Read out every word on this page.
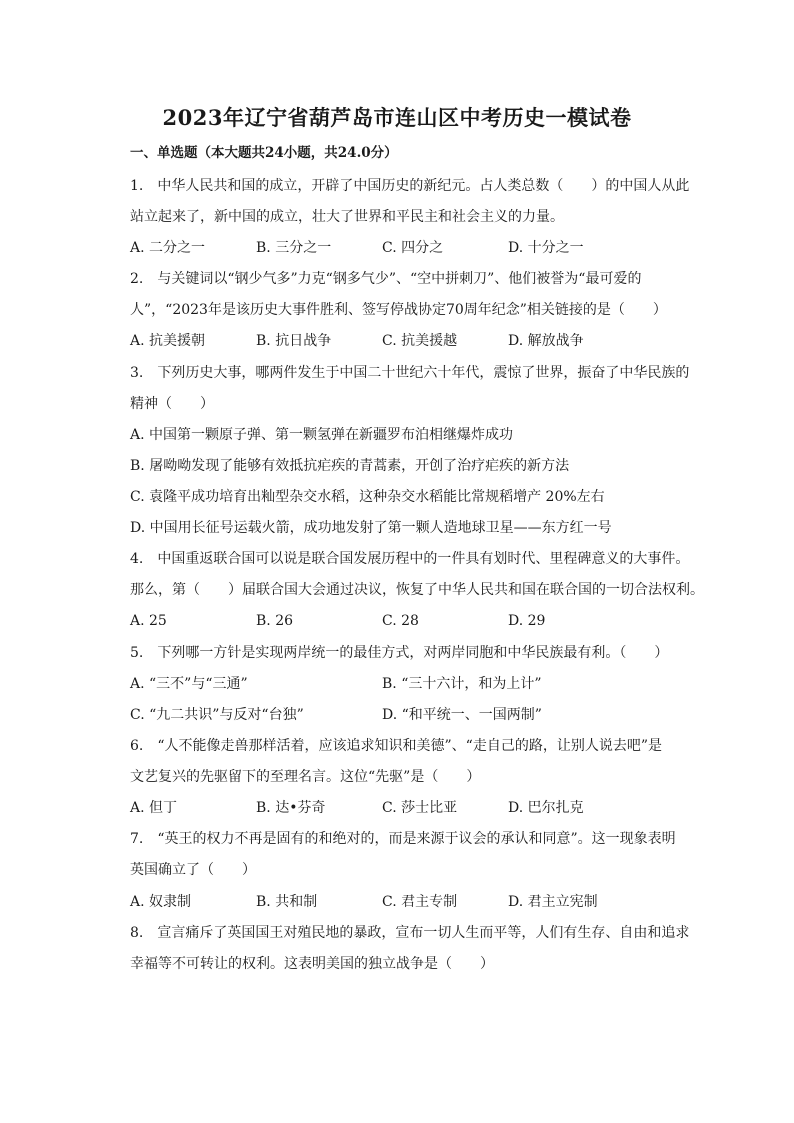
2023年辽宁省葫芦岛市连山区中考历史一模试卷
一、单选题（本大题共24小题，共24.0分）
1.　中华人民共和国的成立，开辟了中国历史的新纪元。占人类总数（　　）的中国人从此
站立起来了，新中国的成立，壮大了世界和平民主和社会主义的力量。
A. 二分之一	B. 三分之一	C. 四分之	D. 十分之一
2.　与关键词以“钢少气多”力克“钢多气少”、“空中拼刺刀”、他们被誉为“最可爱的
人”，“2023年是该历史大事件胜利、签写停战协定70周年纪念”相关链接的是（　　）
A. 抗美援朝	B. 抗日战争	C. 抗美援越	D. 解放战争
3.　下列历史大事，哪两件发生于中国二十世纪六十年代，震惊了世界，振奋了中华民族的
精神（　　）
A. 中国第一颗原子弹、第一颗氢弹在新疆罗布泊相继爆炸成功
B. 屠呦呦发现了能够有效抵抗疟疾的青蒿素，开创了治疗疟疾的新方法
C. 袁隆平成功培育出籼型杂交水稻，这种杂交水稻能比常规稻增产 20%左右
D. 中国用长征号运载火箭，成功地发射了第一颗人造地球卫星——东方红一号
4.　中国重返联合国可以说是联合国发展历程中的一件具有划时代、里程碑意义的大事件。
那么，第（　　）届联合国大会通过决议，恢复了中华人民共和国在联合国的一切合法权利。
A. 25	B. 26	C. 28	D. 29
5.　下列哪一方针是实现两岸统一的最佳方式，对两岸同胞和中华民族最有利。（　　）
A. “三不”与“三通”	B. “三十六计，和为上计”
C. “九二共识”与反对“台独”	D. “和平统一、一国两制”
6.　“人不能像走兽那样活着，应该追求知识和美德”、“走自己的路，让别人说去吧”是
文艺复兴的先驱留下的至理名言。这位“先驱”是（　　）
A. 但丁	B. 达•芬奇	C. 莎士比亚	D. 巴尔扎克
7.　“英王的权力不再是固有的和绝对的，而是来源于议会的承认和同意”。这一现象表明
英国确立了（　　）
A. 奴隶制	B. 共和制	C. 君主专制	D. 君主立宪制
8.　宣言痛斥了英国国王对殖民地的暴政，宣布一切人生而平等，人们有生存、自由和追求
幸福等不可转让的权利。这表明美国的独立战争是（　　）
